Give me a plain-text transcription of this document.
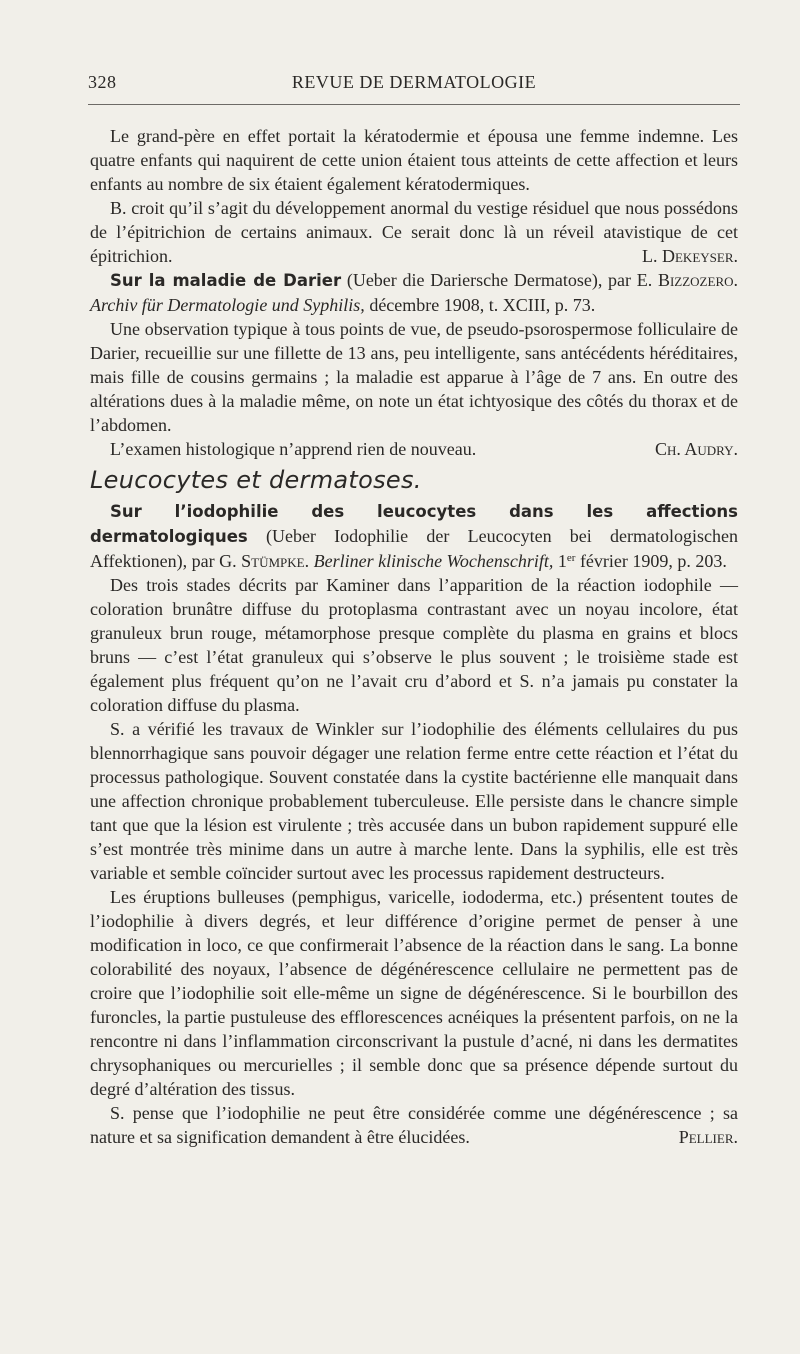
328	REVUE DE DERMATOLOGIE

Le grand-père en effet portait la kératodermie et épousa une femme indemne. Les quatre enfants qui naquirent de cette union étaient tous atteints de cette affection et leurs enfants au nombre de six étaient également kératodermiques.

B. croit qu’il s’agit du développement anormal du vestige résiduel que nous possédons de l’épitrichion de certains animaux. Ce serait donc là un réveil atavistique de cet épitrichion.	L. Dekeyser.

Sur la maladie de Darier (Ueber die Dariersche Dermatose), par E. Bizzozero. Archiv für Dermatologie und Syphilis, décembre 1908, t. XCIII, p. 73.

Une observation typique à tous points de vue, de pseudo-psorospermose folliculaire de Darier, recueillie sur une fillette de 13 ans, peu intelligente, sans antécédents héréditaires, mais fille de cousins germains ; la maladie est apparue à l’âge de 7 ans. En outre des altérations dues à la maladie même, on note un état ichtyosique des côtés du thorax et de l’abdomen.

L’examen histologique n’apprend rien de nouveau.	Ch. Audry.

Leucocytes et dermatoses.

Sur l’iodophilie des leucocytes dans les affections dermatologiques (Ueber Iodophilie der Leucocyten bei dermatologischen Affektionen), par G. Stümpke. Berliner klinische Wochenschrift, 1er février 1909, p. 203.

Des trois stades décrits par Kaminer dans l’apparition de la réaction iodophile — coloration brunâtre diffuse du protoplasma contrastant avec un noyau incolore, état granuleux brun rouge, métamorphose presque complète du plasma en grains et blocs bruns — c’est l’état granuleux qui s’observe le plus souvent ; le troisième stade est également plus fréquent qu’on ne l’avait cru d’abord et S. n’a jamais pu constater la coloration diffuse du plasma.

S. a vérifié les travaux de Winkler sur l’iodophilie des éléments cellulaires du pus blennorrhagique sans pouvoir dégager une relation ferme entre cette réaction et l’état du processus pathologique. Souvent constatée dans la cystite bactérienne elle manquait dans une affection chronique probablement tuberculeuse. Elle persiste dans le chancre simple tant que que la lésion est virulente ; très accusée dans un bubon rapidement suppuré elle s’est montrée très minime dans un autre à marche lente. Dans la syphilis, elle est très variable et semble coïncider surtout avec les processus rapidement destructeurs.

Les éruptions bulleuses (pemphigus, varicelle, iododerma, etc.) présentent toutes de l’iodophilie à divers degrés, et leur différence d’origine permet de penser à une modification in loco, ce que confirmerait l’absence de la réaction dans le sang. La bonne colorabilité des noyaux, l’absence de dégénérescence cellulaire ne permettent pas de croire que l’iodophilie soit elle-même un signe de dégénérescence. Si le bourbillon des furoncles, la partie pustuleuse des efflorescences acnéiques la présentent parfois, on ne la rencontre ni dans l’inflammation circonscrivant la pustule d’acné, ni dans les dermatites chrysophaniques ou mercurielles ; il semble donc que sa présence dépende surtout du degré d’altération des tissus.

S. pense que l’iodophilie ne peut être considérée comme une dégénérescence ; sa nature et sa signification demandent à être élucidées.	Pellier.
